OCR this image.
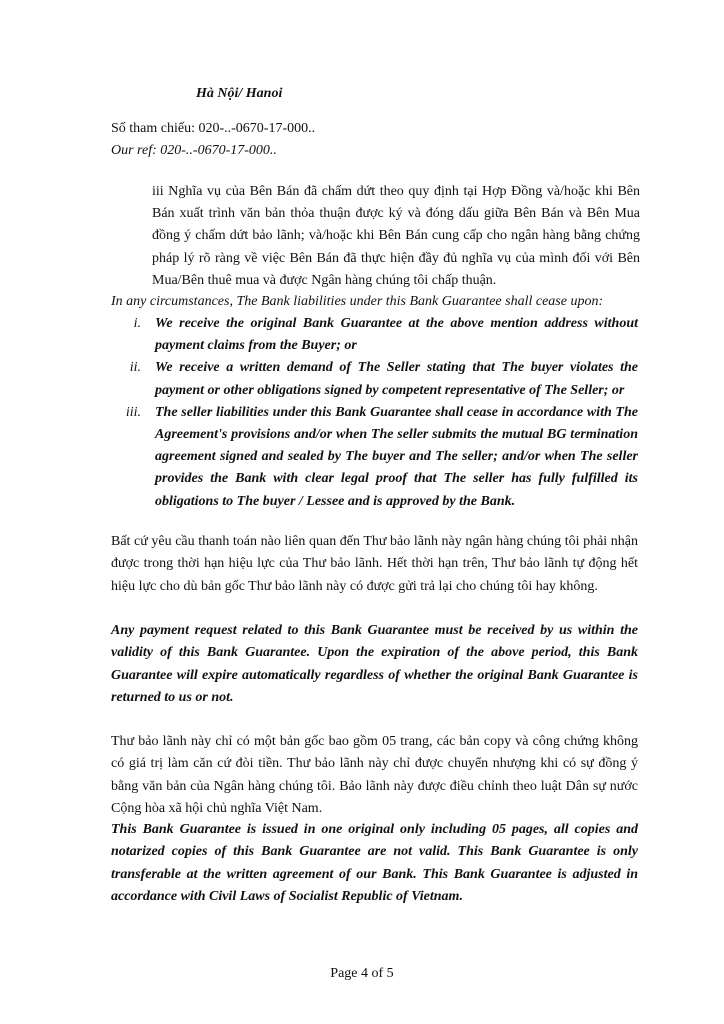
Hà Nội/ Hanoi
Số tham chiếu: 020-..-0670-17-000..
Our ref: 020-..-0670-17-000..
iii Nghĩa vụ của Bên Bán đã chấm dứt theo quy định tại Hợp Đồng và/hoặc khi Bên Bán xuất trình văn bản thỏa thuận được ký và đóng dấu giữa Bên Bán và Bên Mua đồng ý chấm dứt bảo lãnh; và/hoặc khi Bên Bán cung cấp cho ngân hàng bằng chứng pháp lý rõ ràng về việc Bên Bán đã thực hiện đầy đủ nghĩa vụ của mình đối với Bên Mua/Bên thuê mua và được Ngân hàng chúng tôi chấp thuận.
In any circumstances, The Bank liabilities under this Bank Guarantee shall cease upon:
i. We receive the original Bank Guarantee at the above mention address without payment claims from the Buyer; or
ii. We receive a written demand of The Seller stating that The buyer violates the payment or other obligations signed by competent representative of The Seller; or
iii. The seller liabilities under this Bank Guarantee shall cease in accordance with The Agreement's provisions and/or when The seller submits the mutual BG termination agreement signed and sealed by The buyer and The seller; and/or when The seller provides the Bank with clear legal proof that The seller has fully fulfilled its obligations to The buyer / Lessee and is approved by the Bank.
Bất cứ yêu cầu thanh toán nào liên quan đến Thư bảo lãnh này ngân hàng chúng tôi phải nhận được trong thời hạn hiệu lực của Thư bảo lãnh. Hết thời hạn trên, Thư bảo lãnh tự động hết hiệu lực cho dù bản gốc Thư bảo lãnh này có được gửi trả lại cho chúng tôi hay không.
Any payment request related to this Bank Guarantee must be received by us within the validity of this Bank Guarantee. Upon the expiration of the above period, this Bank Guarantee will expire automatically regardless of whether the original Bank Guarantee is returned to us or not.
Thư bảo lãnh này chỉ có một bản gốc bao gồm 05 trang, các bản copy và công chứng không có giá trị làm căn cứ đòi tiền. Thư bảo lãnh này chỉ được chuyển nhượng khi có sự đồng ý bằng văn bản của Ngân hàng chúng tôi. Bảo lãnh này được điều chỉnh theo luật Dân sự nước Cộng hòa xã hội chủ nghĩa Việt Nam.
This Bank Guarantee is issued in one original only including 05 pages, all copies and notarized copies of this Bank Guarantee are not valid. This Bank Guarantee is only transferable at the written agreement of our Bank. This Bank Guarantee is adjusted in accordance with Civil Laws of Socialist Republic of Vietnam.
Page 4 of 5
